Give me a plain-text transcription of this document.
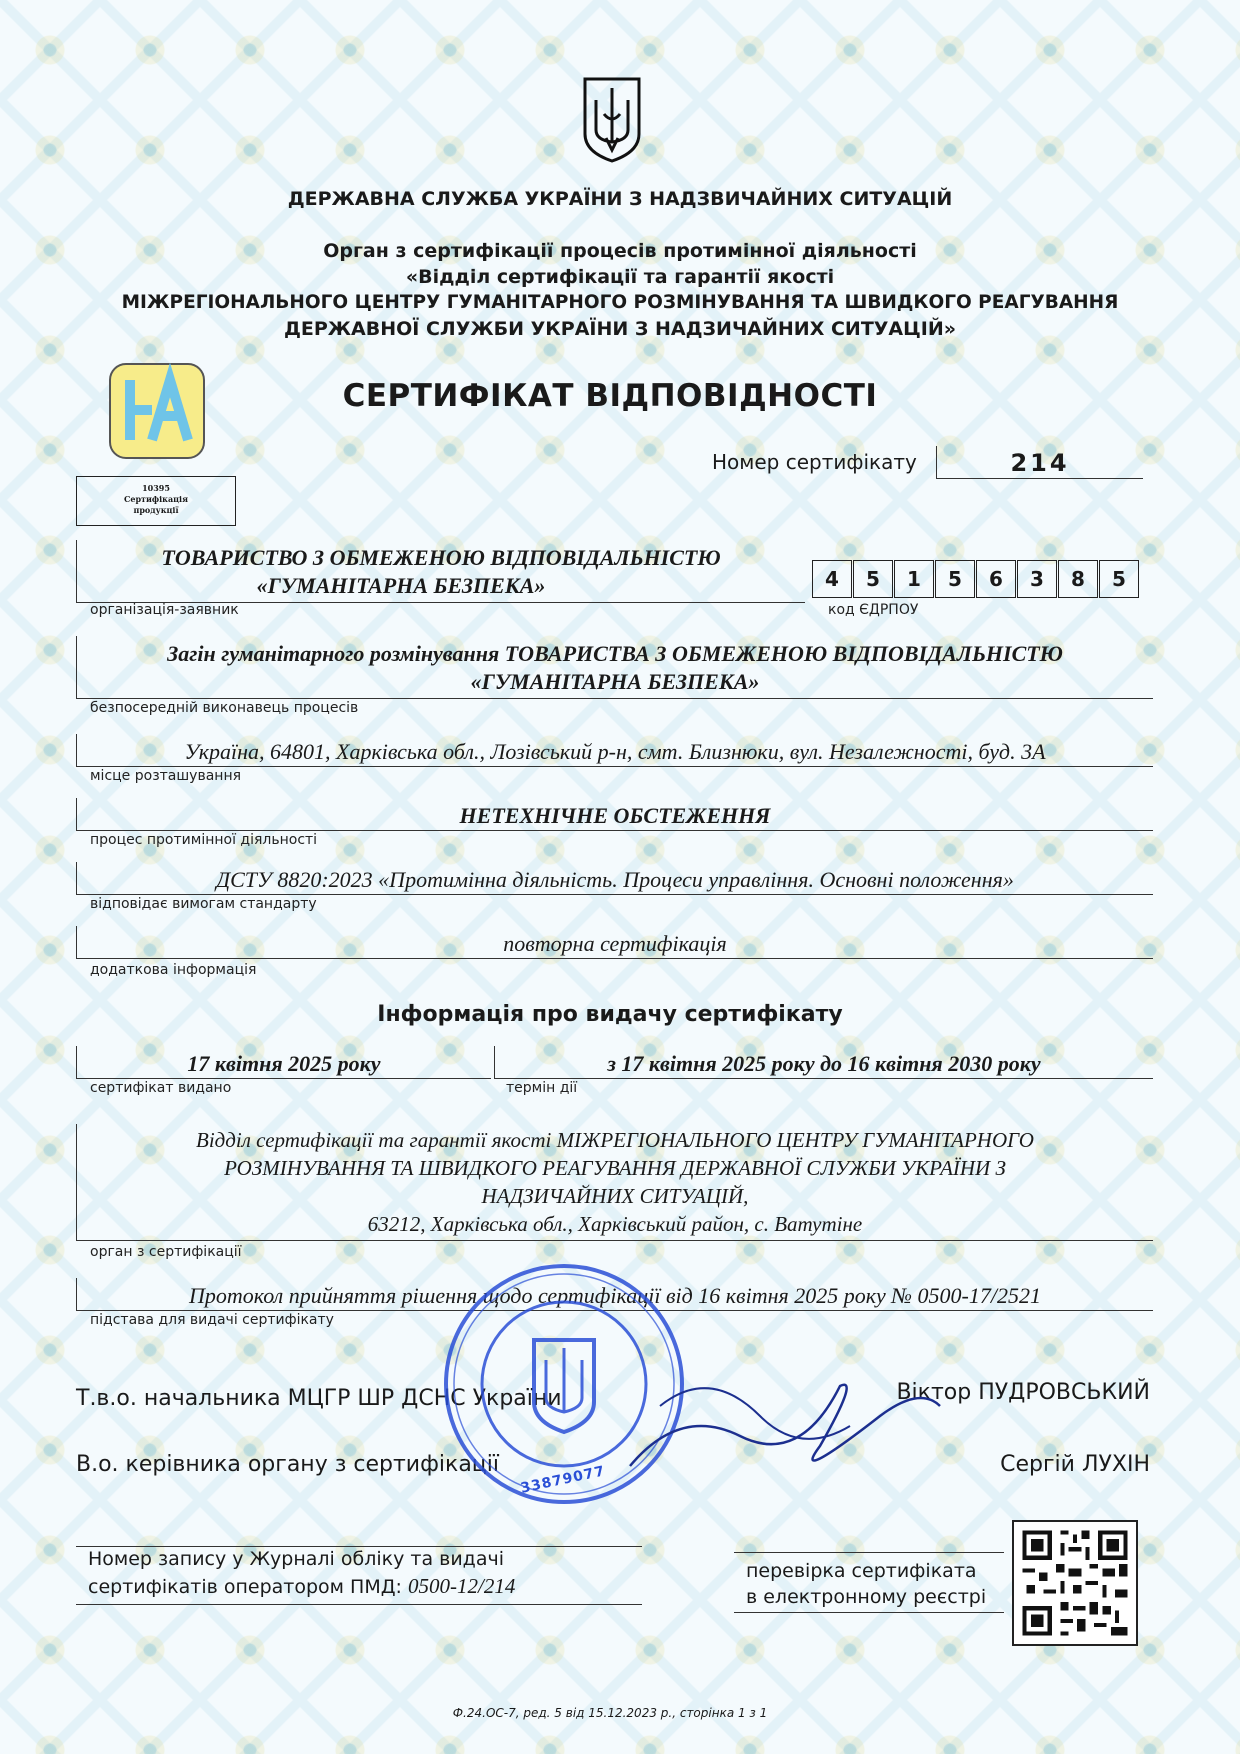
ДЕРЖАВНА СЛУЖБА УКРАЇНИ З НАДЗВИЧАЙНИХ СИТУАЦІЙ
Орган з сертифікації процесів протимінної діяльності
«Відділ сертифікації та гарантії якості
МІЖРЕГІОНАЛЬНОГО ЦЕНТРУ ГУМАНІТАРНОГО РОЗМІНУВАННЯ ТА ШВИДКОГО РЕАГУВАННЯ
ДЕРЖАВНОЇ СЛУЖБИ УКРАЇНИ З НАДЗИЧАЙНИХ СИТУАЦІЙ»
10395
Сертифікація
продукції
СЕРТИФІКАТ ВІДПОВІДНОСТІ
Номер сертифікату	214
ТОВАРИСТВО З ОБМЕЖЕНОЮ ВІДПОВІДАЛЬНІСТЮ
«ГУМАНІТАРНА БЕЗПЕКА»
організація-заявник
4	5	1	5	6	3	8	5
код ЄДРПОУ
Загін гуманітарного розмінування ТОВАРИСТВА З ОБМЕЖЕНОЮ ВІДПОВІДАЛЬНІСТЮ
«ГУМАНІТАРНА БЕЗПЕКА»
безпосередній виконавець процесів
Україна, 64801, Харківська обл., Лозівський р-н, смт. Близнюки, вул. Незалежності, буд. 3А
місце розташування
НЕТЕХНІЧНЕ ОБСТЕЖЕННЯ
процес протимінної діяльності
ДСТУ 8820:2023 «Протимінна діяльність. Процеси управління. Основні положення»
відповідає вимогам стандарту
повторна сертифікація
додаткова інформація
Інформація про видачу сертифікату
17 квітня 2025 року
сертифікат видано
з 17 квітня 2025 року до 16 квітня 2030 року
термін дії
Відділ сертифікації та гарантії якості МІЖРЕГІОНАЛЬНОГО ЦЕНТРУ ГУМАНІТАРНОГО
РОЗМІНУВАННЯ ТА ШВИДКОГО РЕАГУВАННЯ ДЕРЖАВНОЇ СЛУЖБИ УКРАЇНИ З
НАДЗИЧАЙНИХ СИТУАЦІЙ,
63212, Харківська обл., Харківський район, с. Ватутіне
орган з сертифікації
Протокол прийняття рішення щодо сертифікації від 16 квітня 2025 року № 0500-17/2521
підстава для видачі сертифікату
Т.в.о. начальника МЦГР ШР ДСНС України	Віктор ПУДРОВСЬКИЙ
В.о. керівника органу з сертифікації	Сергій ЛУХІН
33879077
Номер запису у Журналі обліку та видачі
сертифікатів оператором ПМД: 0500-12/214
перевірка сертифіката
в електронному реєстрі
Ф.24.ОС-7, ред. 5 від 15.12.2023 р., сторінка 1 з 1
